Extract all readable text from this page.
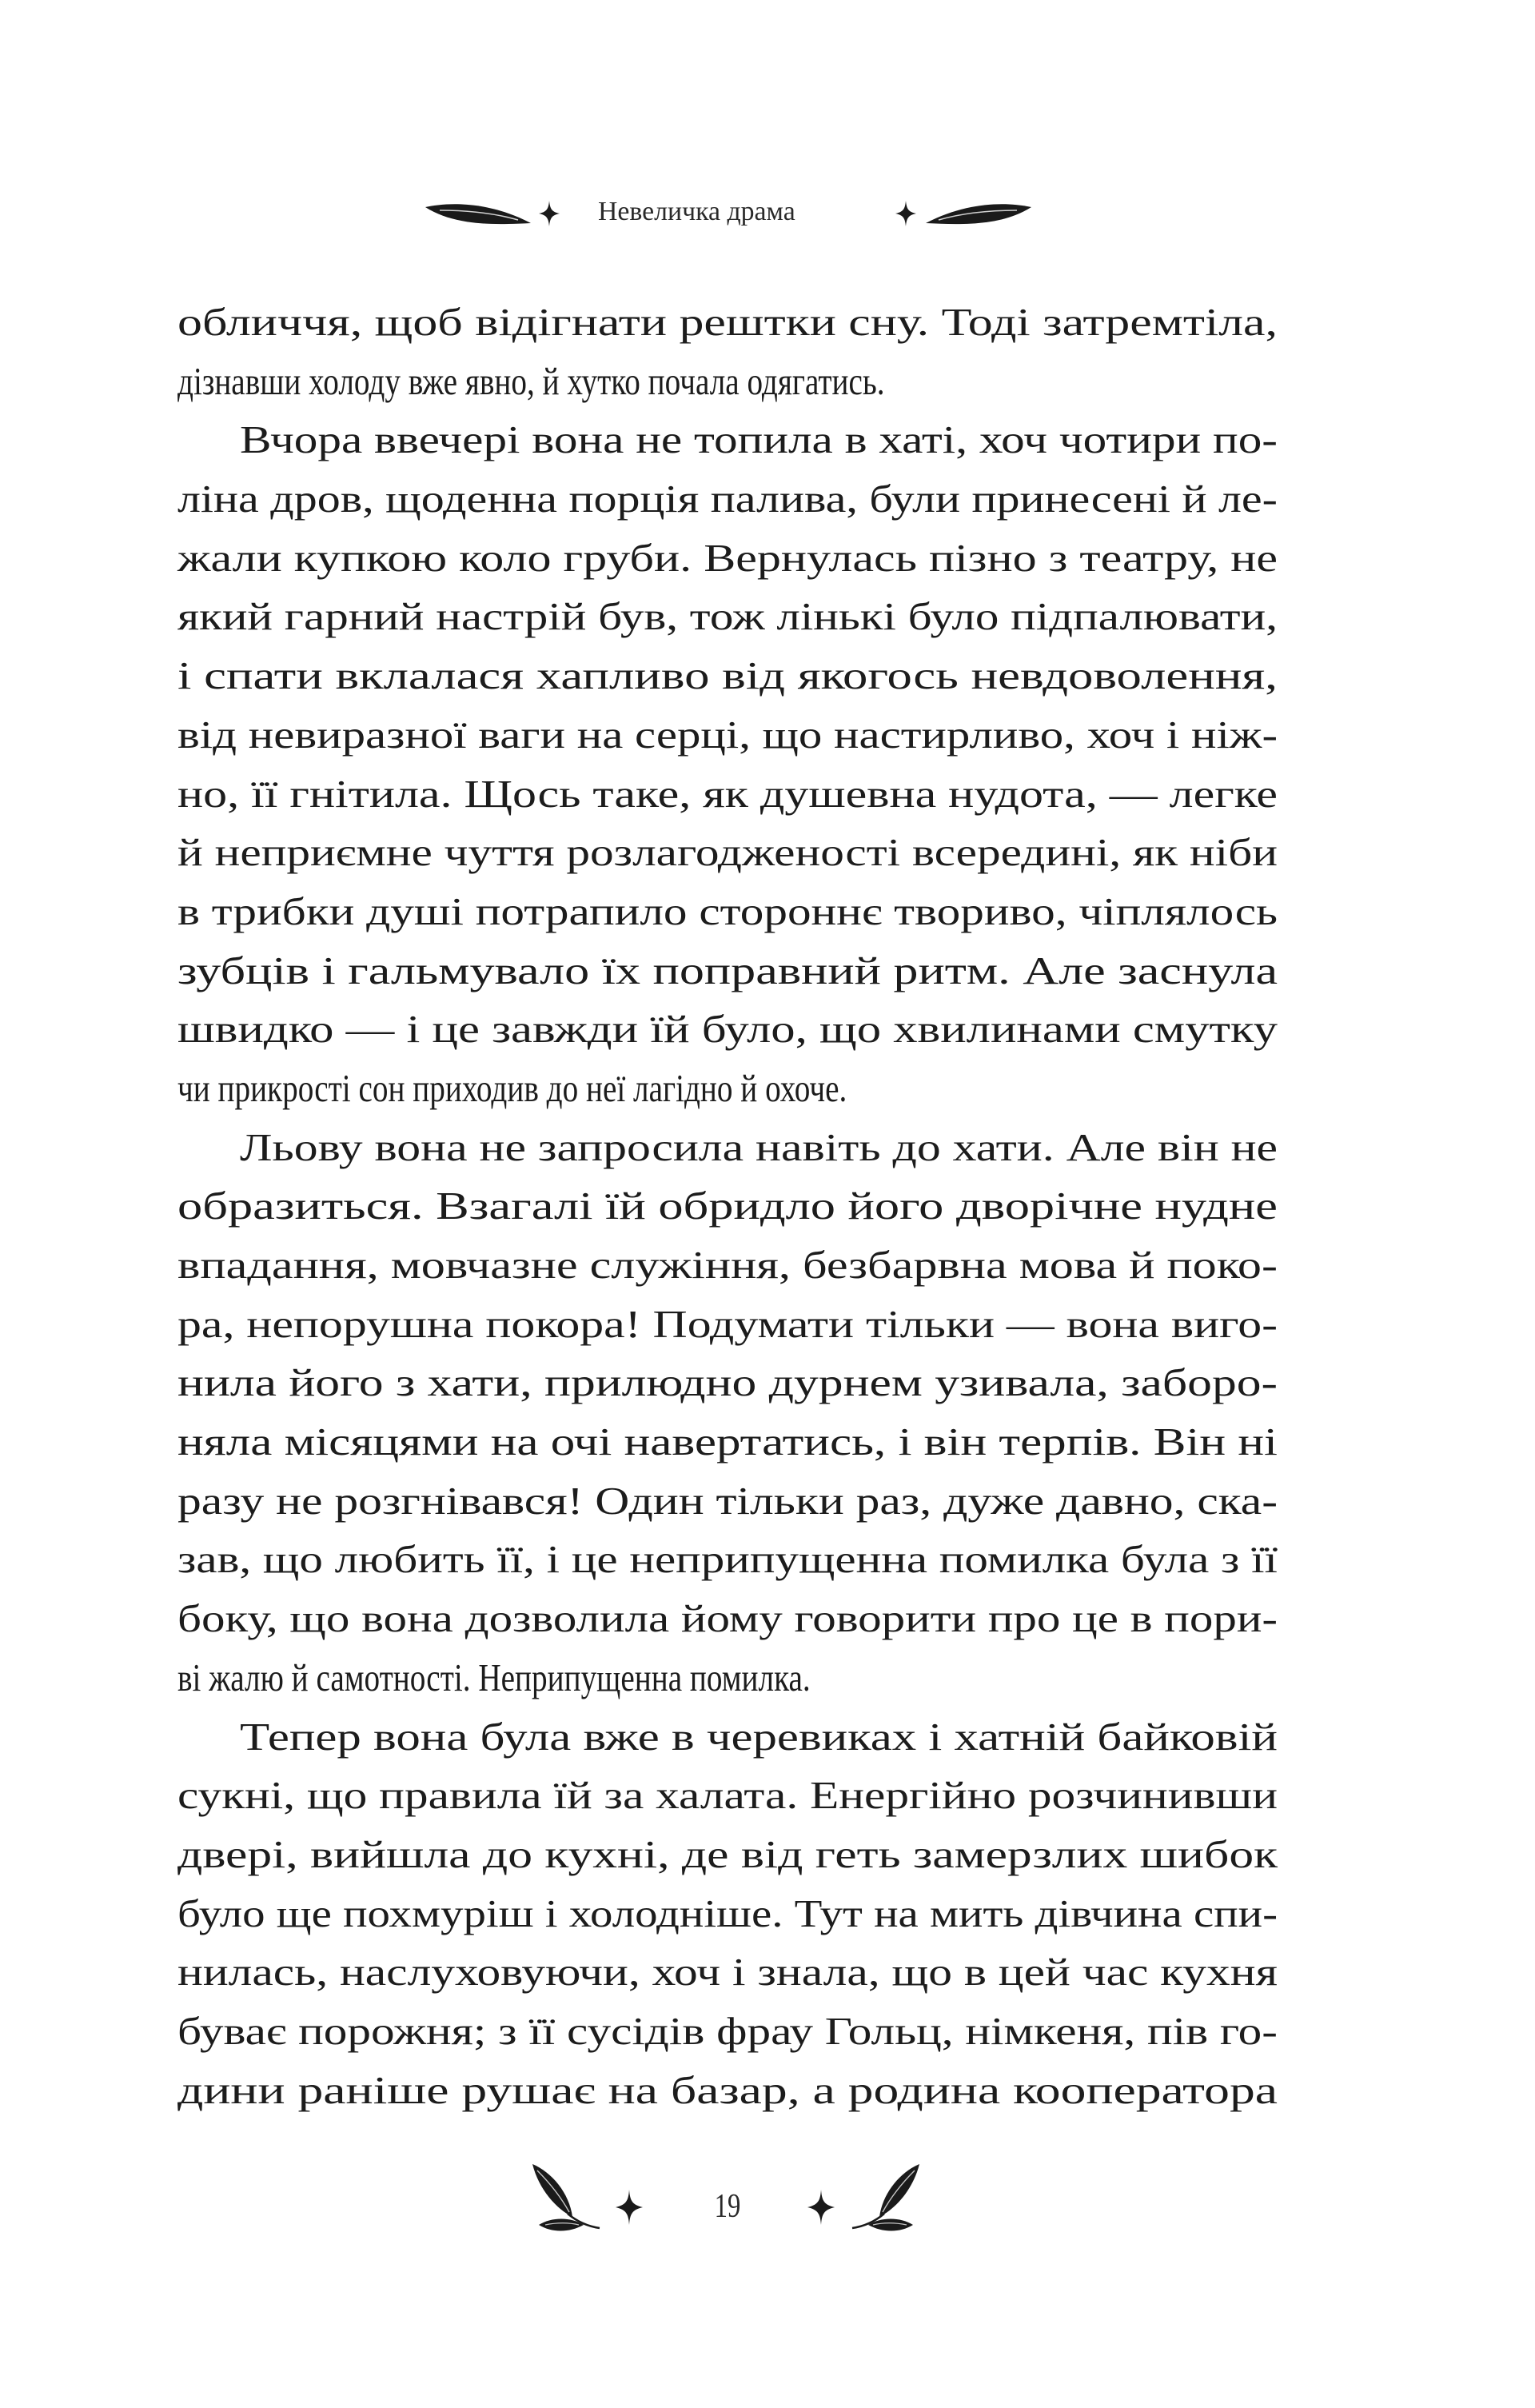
Невеличка драма
обличчя, щоб відігнати рештки сну. Тоді затремтіла,
дізнавши холоду вже явно, й хутко почала одягатись.
Вчора ввечері вона не топила в хаті, хоч чотири по-
ліна дров, щоденна порція палива, були принесені й ле-
жали купкою коло груби. Вернулась пізно з театру, не
який гарний настрій був, тож лінькі було підпалювати,
і спати вклалася хапливо від якогось невдоволення,
від невиразної ваги на серці, що настирливо, хоч і ніж-
но, її гнітила. Щось таке, як душевна нудота, — легке
й неприємне чуття розлагодженості всередині, як ніби
в трибки душі потрапило стороннє твориво, чіплялось
зубців і гальмувало їх поправний ритм. Але заснула
швидко — і це завжди їй було, що хвилинами смутку
чи прикрості сон приходив до неї лагідно й охоче.
Льову вона не запросила навіть до хати. Але він не
образиться. Взагалі їй обридло його дворічне нудне
впадання, мовчазне служіння, безбарвна мова й поко-
ра, непорушна покора! Подумати тільки — вона виго-
нила його з хати, прилюдно дурнем узивала, заборо-
няла місяцями на очі навертатись, і він терпів. Він ні
разу не розгнівався! Один тільки раз, дуже давно, ска-
зав, що любить її, і це неприпущенна помилка була з її
боку, що вона дозволила йому говорити про це в пори-
ві жалю й самотності. Неприпущенна помилка.
Тепер вона була вже в черевиках і хатній байковій
сукні, що правила їй за халата. Енергійно розчинивши
двері, вийшла до кухні, де від геть замерзлих шибок
було ще похмуріш і холодніше. Тут на мить дівчина спи-
нилась, наслуховуючи, хоч і знала, що в цей час кухня
буває порожня; з її сусідів фрау Гольц, німкеня, пів го-
дини раніше рушає на базар, а родина кооператора
19
